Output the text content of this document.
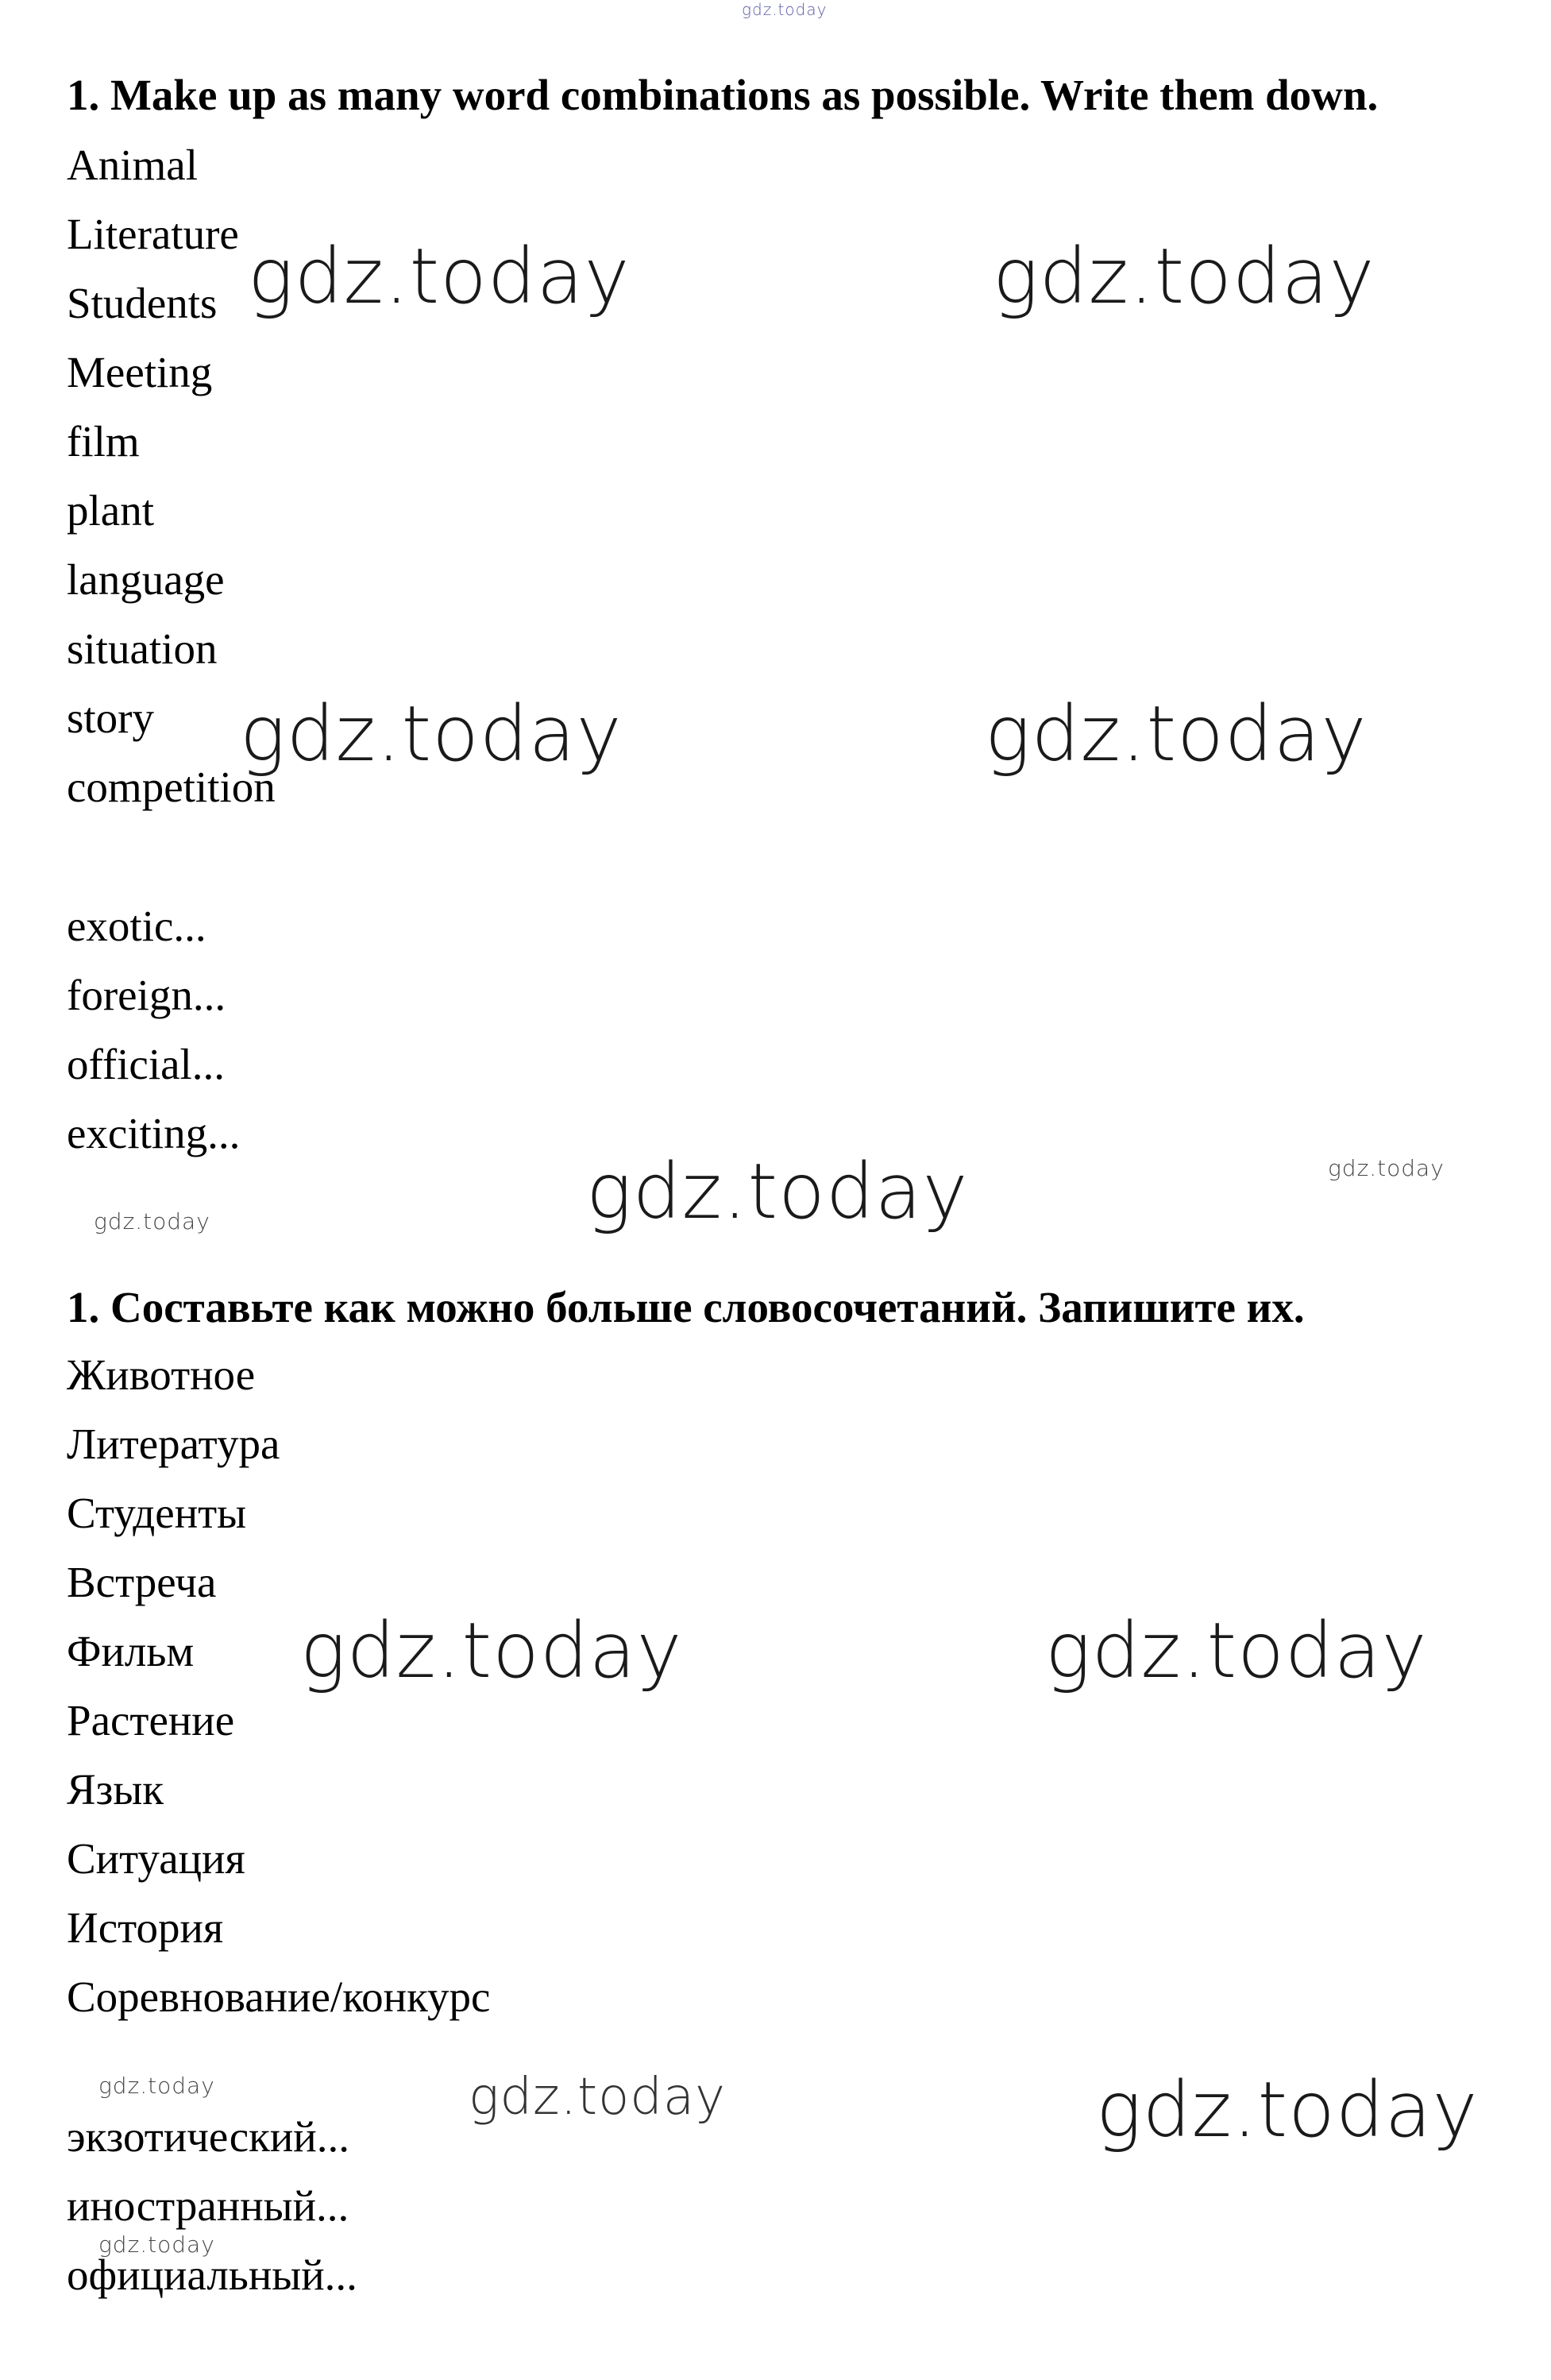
1. Make up as many word combinations as possible. Write them down.
Animal
Literature
Students
Meeting
film
plant
language
situation
story
competition
exotic...
foreign...
official...
exciting...
1. Составьте как можно больше словосочетаний. Запишите их.
Животное
Литература
Студенты
Встреча
Фильм
Растение
Язык
Ситуация
История
Соревнование/конкурс
экзотический...
иностранный...
официальный...
gdz.today
gdz.today	gdz.today
gdz.today	gdz.today
gdz.today	gdz.today
gdz.today
gdz.today	gdz.today
gdz.today	gdz.today	gdz.today
gdz.today
